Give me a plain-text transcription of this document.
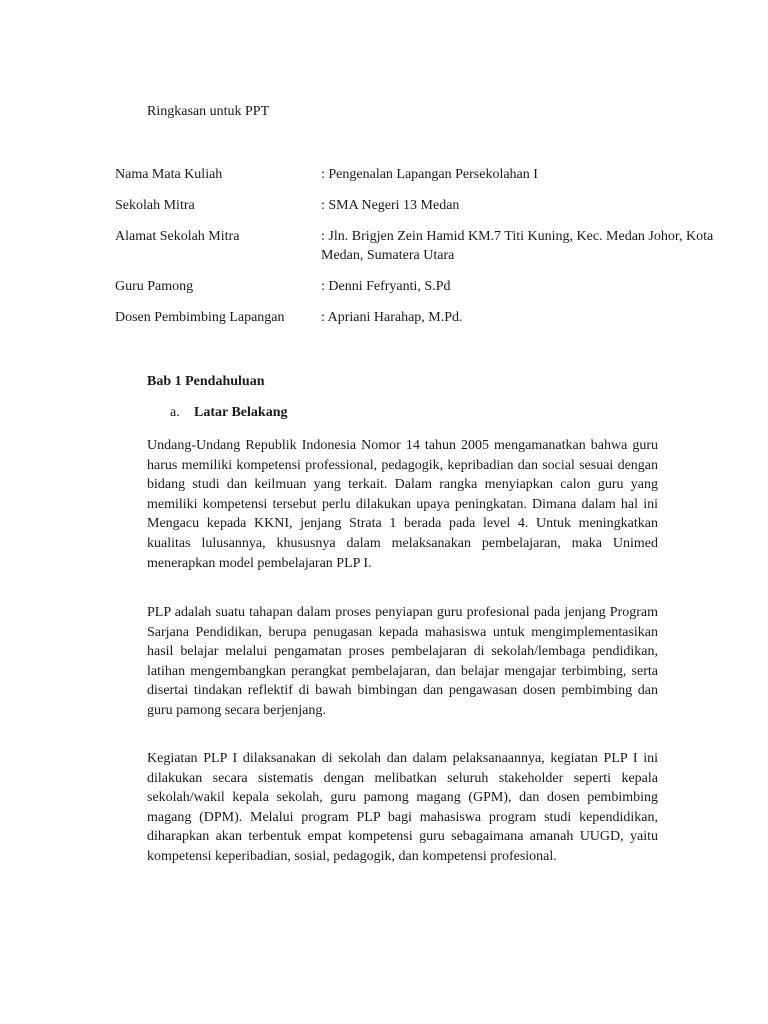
Ringkasan untuk PPT

Nama Mata Kuliah	: Pengenalan Lapangan Persekolahan I
Sekolah Mitra	: SMA Negeri 13 Medan
Alamat Sekolah Mitra	: Jln. Brigjen Zein Hamid KM.7 Titi Kuning, Kec. Medan Johor, Kota Medan, Sumatera Utara
Guru Pamong	: Denni Fefryanti, S.Pd
Dosen Pembimbing Lapangan	: Apriani Harahap, M.Pd.
Bab 1 Pendahuluan
a. Latar Belakang

Undang-Undang Republik Indonesia Nomor 14 tahun 2005 mengamanatkan bahwa guru harus memiliki kompetensi professional, pedagogik, kepribadian dan social sesuai dengan bidang studi dan keilmuan yang terkait. Dalam rangka menyiapkan calon guru yang memiliki kompetensi tersebut perlu dilakukan upaya peningkatan. Dimana dalam hal ini Mengacu kepada KKNI, jenjang Strata 1 berada pada level 4. Untuk meningkatkan kualitas lulusannya, khususnya dalam melaksanakan pembelajaran, maka Unimed menerapkan model pembelajaran PLP I.

PLP adalah suatu tahapan dalam proses penyiapan guru profesional pada jenjang Program Sarjana Pendidikan, berupa penugasan kepada mahasiswa untuk mengimplementasikan hasil belajar melalui pengamatan proses pembelajaran di sekolah/lembaga pendidikan, latihan mengembangkan perangkat pembelajaran, dan belajar mengajar terbimbing, serta disertai tindakan reflektif di bawah bimbingan dan pengawasan dosen pembimbing dan guru pamong secara berjenjang.

Kegiatan PLP I dilaksanakan di sekolah dan dalam pelaksanaannya, kegiatan PLP I ini dilakukan secara sistematis dengan melibatkan seluruh stakeholder seperti kepala sekolah/wakil kepala sekolah, guru pamong magang (GPM), dan dosen pembimbing magang (DPM). Melalui program PLP bagi mahasiswa program studi kependidikan, diharapkan akan terbentuk empat kompetensi guru sebagaimana amanah UUGD, yaitu kompetensi keperibadian, sosial, pedagogik, dan kompetensi profesional.
